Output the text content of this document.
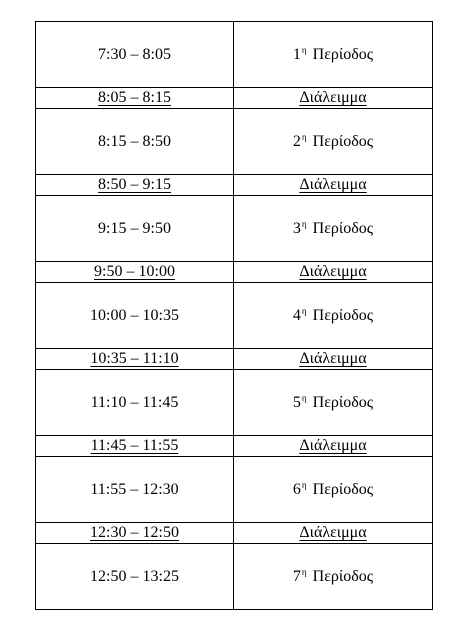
7:30 – 8:05	$1^\eta$ Περίοδος
8:05 – 8:15	Διάλειμμα
8:15 – 8:50	$2^\eta$ Περίοδος
8:50 – 9:15	Διάλειμμα
9:15 – 9:50	$3^\eta$ Περίοδος
9:50 – 10:00	Διάλειμμα
10:00 – 10:35	$4^\eta$ Περίοδος
10:35 – 11:10	Διάλειμμα
11:10 – 11:45	$5^\eta$ Περίοδος
11:45 – 11:55	Διάλειμμα
11:55 – 12:30	$6^\eta$ Περίοδος
12:30 – 12:50	Διάλειμμα
12:50 – 13:25	$7^\eta$ Περίοδος
